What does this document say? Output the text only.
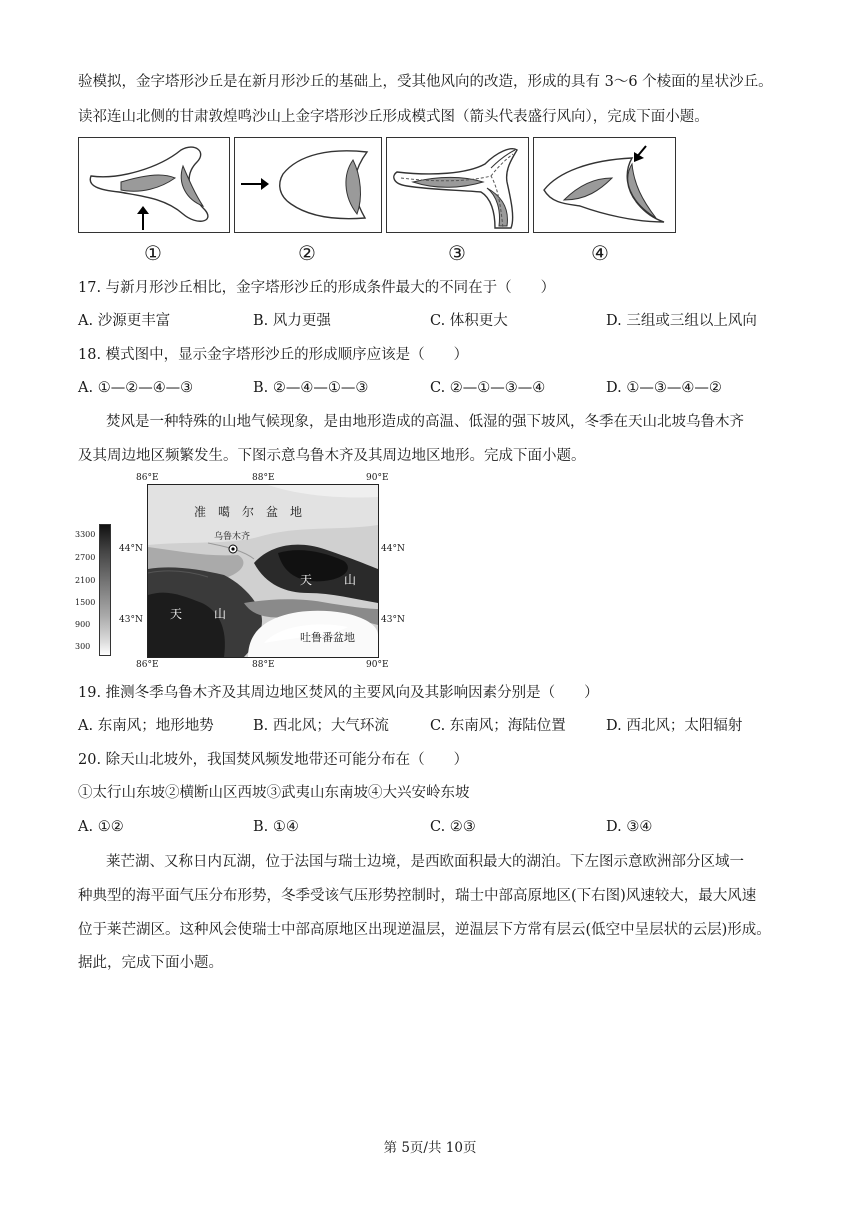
验模拟，金字塔形沙丘是在新月形沙丘的基础上，受其他风向的改造，形成的具有 3～6 个棱面的星状沙丘。
读祁连山北侧的甘肃敦煌鸣沙山上金字塔形沙丘形成模式图（箭头代表盛行风向），完成下面小题。
①	②	③	④
17. 与新月形沙丘相比，金字塔形沙丘的形成条件最大的不同在于（　　）
A. 沙源更丰富	B. 风力更强	C. 体积更大	D. 三组或三组以上风向
18. 模式图中，显示金字塔形沙丘的形成顺序应该是（　　）
A. ①—②—④—③	B. ②—④—①—③	C. ②—①—③—④	D. ①—③—④—②
焚风是一种特殊的山地气候现象，是由地形造成的高温、低湿的强下坡风，冬季在天山北坡乌鲁木齐
及其周边地区频繁发生。下图示意乌鲁木齐及其周边地区地形。完成下面小题。
3300
2700
2100
1500
900
300
准　噶　尔　盆　地
乌鲁木齐
天	山
天	山
吐鲁番盆地
86°E	88°E	90°E
86°E	88°E	90°E
44°N
43°N
44°N
43°N
19. 推测冬季乌鲁木齐及其周边地区焚风的主要风向及其影响因素分别是（　　）
A. 东南风；地形地势	B. 西北风；大气环流	C. 东南风；海陆位置	D. 西北风；太阳辐射
20. 除天山北坡外，我国焚风频发地带还可能分布在（　　）
①太行山东坡②横断山区西坡③武夷山东南坡④大兴安岭东坡
A. ①②	B. ①④	C. ②③	D. ③④
莱芒湖、又称日内瓦湖，位于法国与瑞士边境，是西欧面积最大的湖泊。下左图示意欧洲部分区域一
种典型的海平面气压分布形势，冬季受该气压形势控制时，瑞士中部高原地区(下右图)风速较大，最大风速
位于莱芒湖区。这种风会使瑞士中部高原地区出现逆温层，逆温层下方常有层云(低空中呈层状的云层)形成。
据此，完成下面小题。
第 5页/共 10页
